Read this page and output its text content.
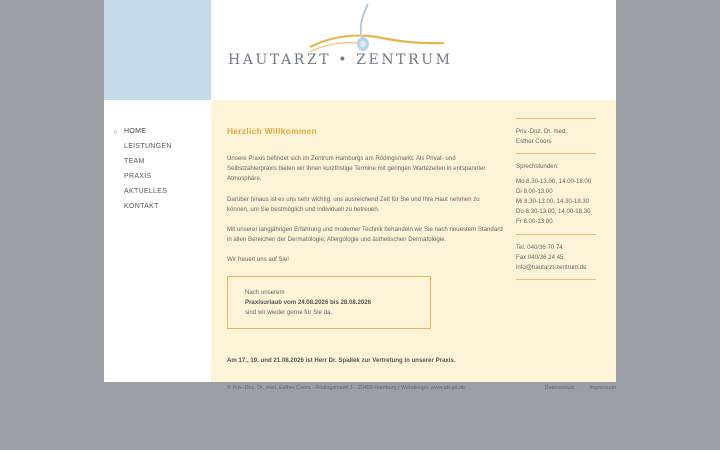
HAUTARZT • ZENTRUM
» HOME
LEISTUNGEN
TEAM
PRAXIS
AKTUELLES
KONTAKT
Herzlich Willkommen

Unsere Praxis befindet sich im Zentrum Hamburgs am Rödingsmarkt. Als Privat- und Selbstzahlerpraxis bieten wir Ihnen kurzfristige Termine mit geringen Wartezeiten in entspannter Atmosphäre.

Darüber hinaus ist es uns sehr wichtig, uns ausreichend Zeit für Sie und Ihre Haut nehmen zu können, um Sie bestmöglich und individuell zu betreuen.

Mit unserer langjährigen Erfahrung und moderner Technik behandeln wir Sie nach neuestem Standard in allen Bereichen der Dermatologie, Allergologie und ästhetischen Dermatologie.

Wir freuen uns auf Sie!

Nach unserem
Praxisurlaub vom 24.08.2026 bis 28.08.2026
sind wir wieder gerne für Sie da.
Am 17., 19. und 21.08.2026 ist Herr Dr. Spallek zur Vertretung in unserer Praxis.
Priv.-Doz. Dr. med.
Esther Coors
Sprechstunden:
Mo 8.30-13.00, 14.00-18.00
Di 8.00-13.00
Mi 8.30-13.00, 14.30-18.30
Do 8.30-13.00, 14.00-18.30
Fr 8.00-13.00
Tel. 040/36 70 74
Fax 040/36 24 45
info@hautarzt-zentrum.de
© Priv.-Doz. Dr. med. Esther Coors · Rödingsmarkt 1 · 20459 Hamburg | Webdesign: www.ab-gd.de	Datenschutz · Impressum
